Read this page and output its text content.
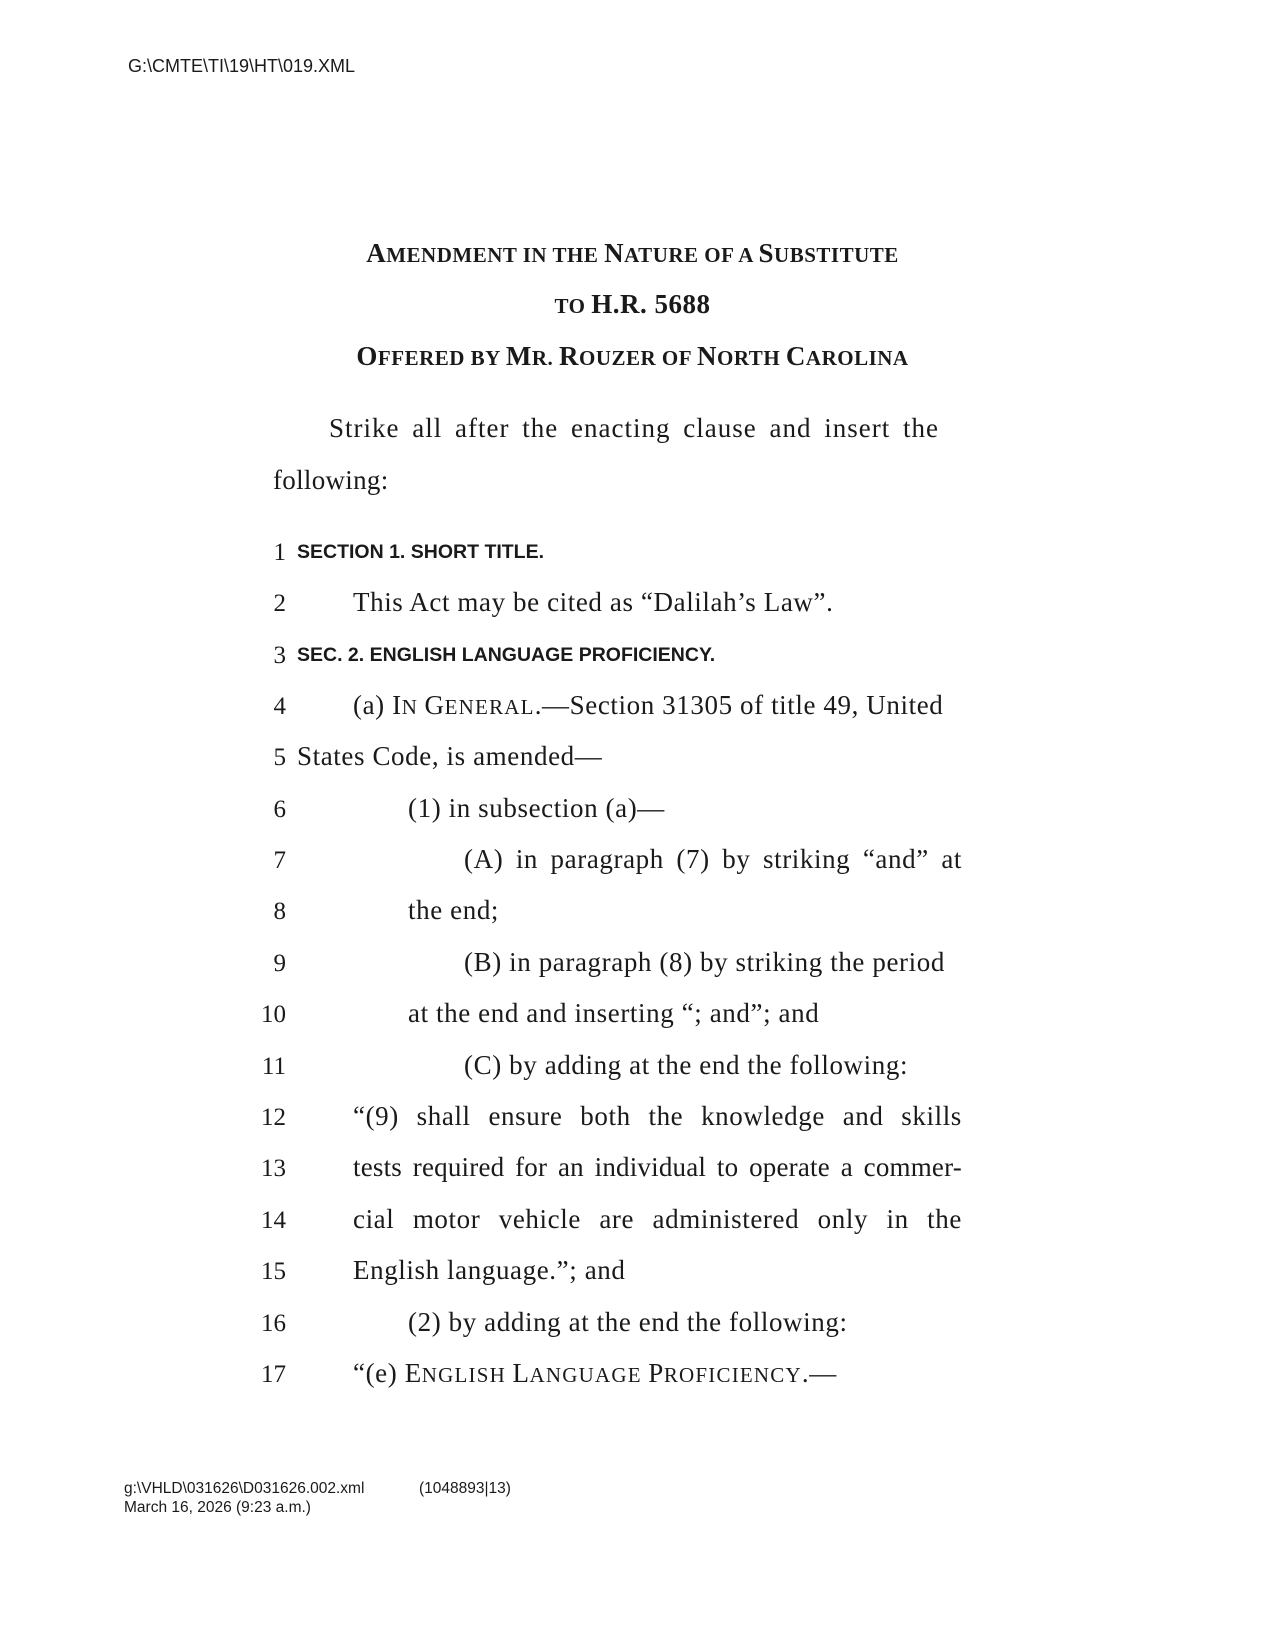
G:\CMTE\TI\19\HT\019.XML
AMENDMENT IN THE NATURE OF A SUBSTITUTE
TO H.R. 5688
OFFERED BY MR. ROUZER OF NORTH CAROLINA
Strike all after the enacting clause and insert the
following:
1 SECTION 1. SHORT TITLE.
2 This Act may be cited as “Dalilah’s Law”.
3 SEC. 2. ENGLISH LANGUAGE PROFICIENCY.
4 (a) IN GENERAL.—Section 31305 of title 49, United
5 States Code, is amended—
6	(1) in subsection (a)—
7	(A) in paragraph (7) by striking “and” at
8	the end;
9	(B) in paragraph (8) by striking the period
10	at the end and inserting “; and”; and
11	(C) by adding at the end the following:
12 “(9) shall ensure both the knowledge and skills
13 tests required for an individual to operate a commer-
14 cial motor vehicle are administered only in the
15 English language.”; and
16	(2) by adding at the end the following:
17 “(e) ENGLISH LANGUAGE PROFICIENCY.—
g:\VHLD\031626\D031626.002.xml
March 16, 2026 (9:23 a.m.)
(1048893|13)
